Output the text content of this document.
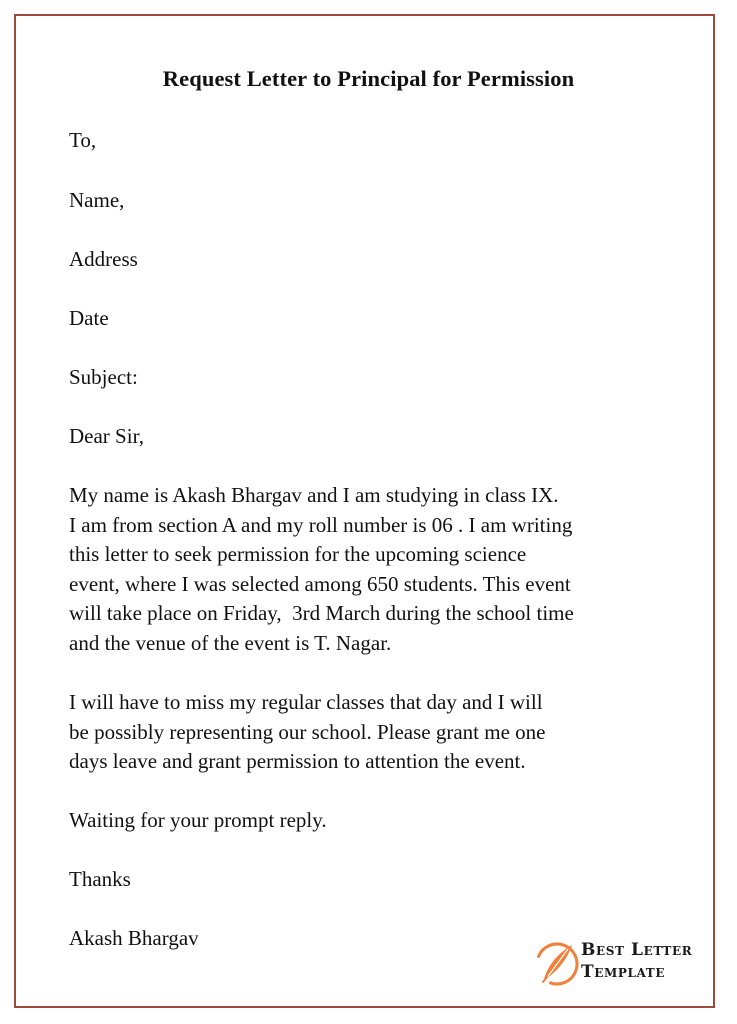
Request Letter to Principal for Permission
To,
Name,
Address
Date
Subject:
Dear Sir,
My name is Akash Bhargav and I am studying in class IX.
I am from section A and my roll number is 06 . I am writing
this letter to seek permission for the upcoming science
event, where I was selected among 650 students. This event
will take place on Friday,  3rd March during the school time
and the venue of the event is T. Nagar.
I will have to miss my regular classes that day and I will
be possibly representing our school. Please grant me one
days leave and grant permission to attention the event.
Waiting for your prompt reply.
Thanks
Akash Bhargav	Best Letter
Template
